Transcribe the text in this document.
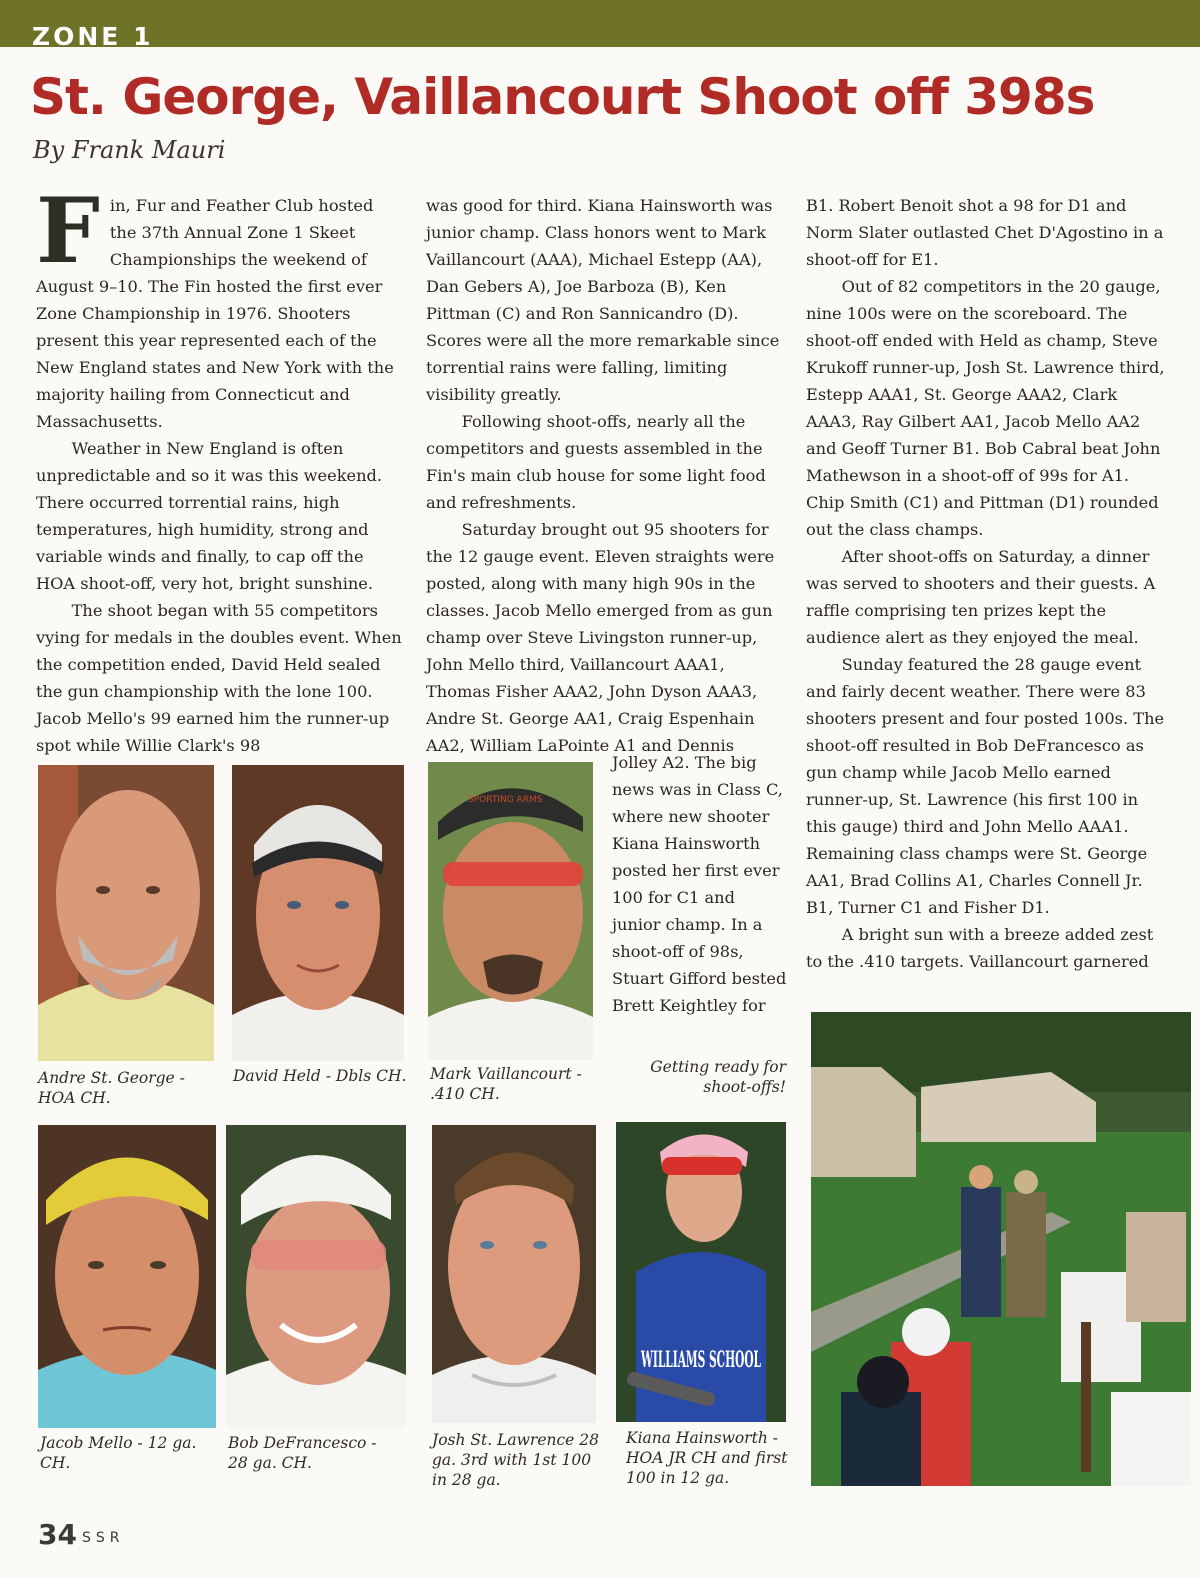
ZONE 1
St. George, Vaillancourt Shoot off 398s

By Frank Mauri

Fin, Fur and Feather Club hosted the 37th Annual Zone 1 Skeet Championships the weekend of August 9–10. The Fin hosted the first ever Zone Championship in 1976. Shooters present this year represented each of the New England states and New York with the majority hailing from Connecticut and Massachusetts.

Weather in New England is often unpredictable and so it was this weekend. There occurred torrential rains, high temperatures, high humidity, strong and variable winds and finally, to cap off the HOA shoot-off, very hot, bright sunshine.

The shoot began with 55 competitors vying for medals in the doubles event. When the competition ended, David Held sealed the gun championship with the lone 100. Jacob Mello's 99 earned him the runner-up spot while Willie Clark's 98

was good for third. Kiana Hainsworth was junior champ. Class honors went to Mark Vaillancourt (AAA), Michael Estepp (AA), Dan Gebers A), Joe Barboza (B), Ken Pittman (C) and Ron Sannicandro (D). Scores were all the more remarkable since torrential rains were falling, limiting visibility greatly.

Following shoot-offs, nearly all the competitors and guests assembled in the Fin's main club house for some light food and refreshments.

Saturday brought out 95 shooters for the 12 gauge event. Eleven straights were posted, along with many high 90s in the classes. Jacob Mello emerged from as gun champ over Steve Livingston runner-up, John Mello third, Vaillancourt AAA1, Thomas Fisher AAA2, John Dyson AAA3, Andre St. George AA1, Craig Espenhain AA2, William LaPointe A1 and Dennis

Jolley A2. The big news was in Class C, where new shooter Kiana Hainsworth posted her first ever 100 for C1 and junior champ. In a shoot-off of 98s, Stuart Gifford bested Brett Keightley for

B1. Robert Benoit shot a 98 for D1 and Norm Slater outlasted Chet D'Agostino in a shoot-off for E1.

Out of 82 competitors in the 20 gauge, nine 100s were on the scoreboard. The shoot-off ended with Held as champ, Steve Krukoff runner-up, Josh St. Lawrence third, Estepp AAA1, St. George AAA2, Clark AAA3, Ray Gilbert AA1, Jacob Mello AA2 and Geoff Turner B1. Bob Cabral beat John Mathewson in a shoot-off of 99s for A1. Chip Smith (C1) and Pittman (D1) rounded out the class champs.

After shoot-offs on Saturday, a dinner was served to shooters and their guests. A raffle comprising ten prizes kept the audience alert as they enjoyed the meal.

Sunday featured the 28 gauge event and fairly decent weather. There were 83 shooters present and four posted 100s. The shoot-off resulted in Bob DeFrancesco as gun champ while Jacob Mello earned runner-up, St. Lawrence (his first 100 in this gauge) third and John Mello AAA1. Remaining class champs were St. George AA1, Brad Collins A1, Charles Connell Jr. B1, Turner C1 and Fisher D1.

A bright sun with a breeze added zest to the .410 targets. Vaillancourt garnered

SPORTING ARMS
WILLIAMS SCHOOL
Andre St. George - HOA CH.
David Held - Dbls CH.	Mark Vaillancourt - .410 CH.
Getting ready for shoot-offs!
Jacob Mello - 12 ga. CH.
Bob DeFrancesco - 28 ga. CH.
Josh St. Lawrence 28 ga. 3rd with 1st 100 in 28 ga.
Kiana Hainsworth - HOA JR CH and first 100 in 12 ga.
34 SSR
